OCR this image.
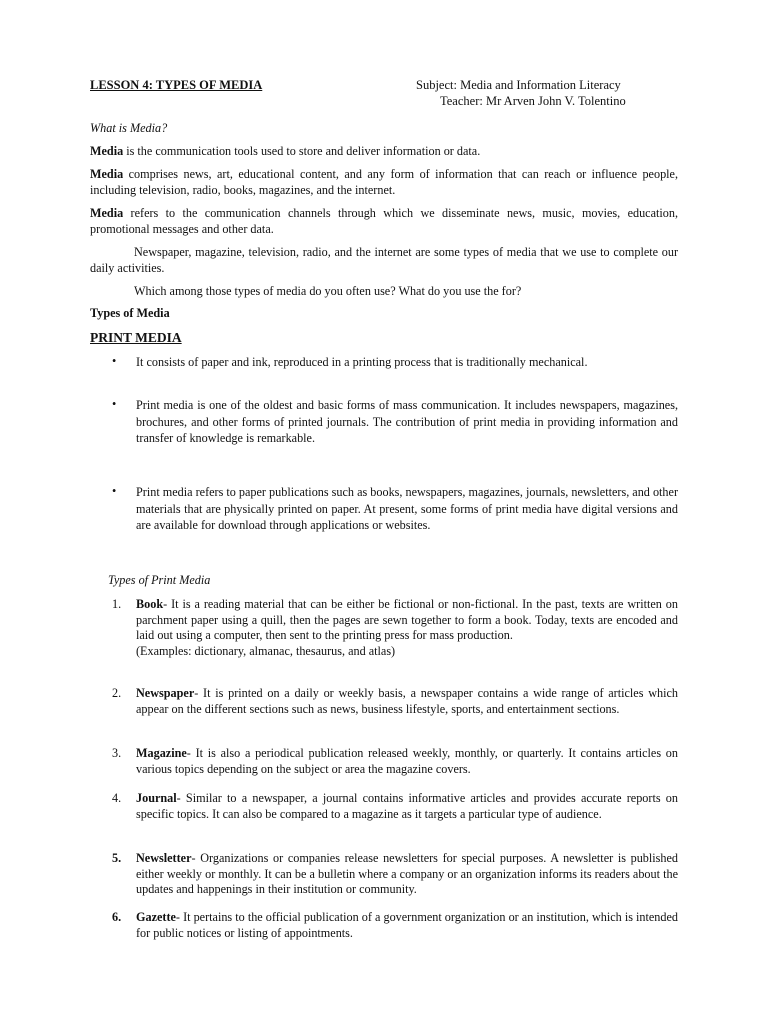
LESSON 4: TYPES OF MEDIA	Subject: Media and Information Literacy
Teacher: Mr Arven John V. Tolentino
What is Media?
Media is the communication tools used to store and deliver information or data.
Media comprises news, art, educational content, and any form of information that can reach or influence people, including television, radio, books, magazines, and the internet.
Media refers to the communication channels through which we disseminate news, music, movies, education, promotional messages and other data.
Newspaper, magazine, television, radio, and the internet are some types of media that we use to complete our daily activities.
Which among those types of media do you often use? What do you use the for?
Types of Media
PRINT MEDIA
•	It consists of paper and ink, reproduced in a printing process that is traditionally mechanical.
•	Print media is one of the oldest and basic forms of mass communication. It includes newspapers, magazines, brochures, and other forms of printed journals. The contribution of print media in providing information and transfer of knowledge is remarkable.
•	Print media refers to paper publications such as books, newspapers, magazines, journals, newsletters, and other materials that are physically printed on paper. At present, some forms of print media have digital versions and are available for download through applications or websites.
Types of Print Media
1.	Book- It is a reading material that can be either be fictional or non-fictional. In the past, texts are written on parchment paper using a quill, then the pages are sewn together to form a book. Today, texts are encoded and laid out using a computer, then sent to the printing press for mass production.
(Examples: dictionary, almanac, thesaurus, and atlas)
2.	Newspaper- It is printed on a daily or weekly basis, a newspaper contains a wide range of articles which appear on the different sections such as news, business lifestyle, sports, and entertainment sections.
3.	Magazine- It is also a periodical publication released weekly, monthly, or quarterly. It contains articles on various topics depending on the subject or area the magazine covers.
4.	Journal- Similar to a newspaper, a journal contains informative articles and provides accurate reports on specific topics. It can also be compared to a magazine as it targets a particular type of audience.
5.	Newsletter- Organizations or companies release newsletters for special purposes. A newsletter is published either weekly or monthly. It can be a bulletin where a company or an organization informs its readers about the updates and happenings in their institution or community.
6.	Gazette- It pertains to the official publication of a government organization or an institution, which is intended for public notices or listing of appointments.
